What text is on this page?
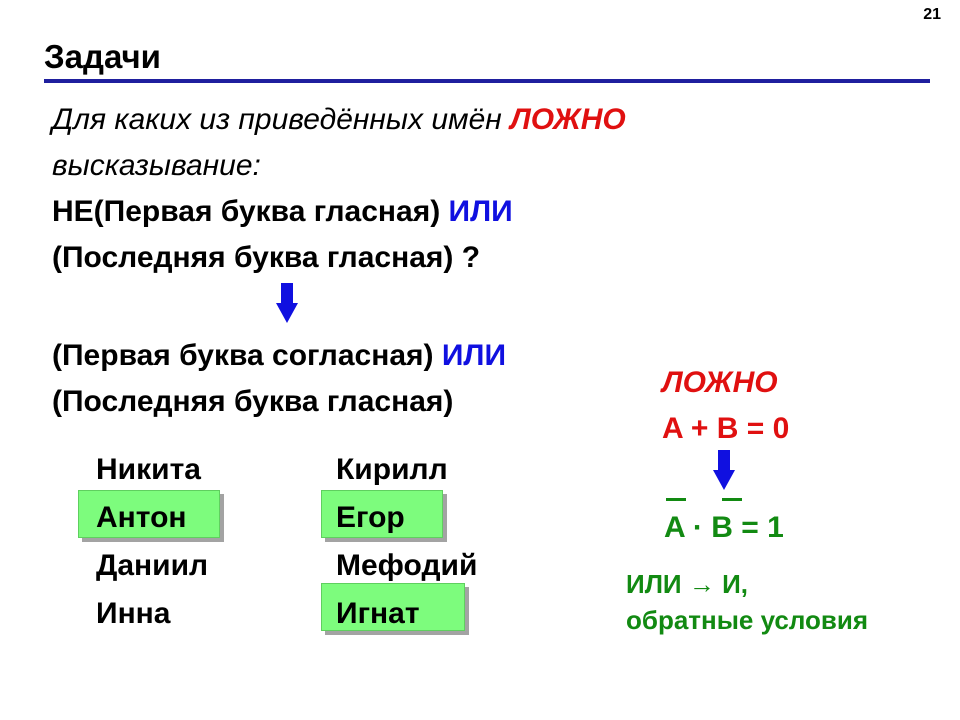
21
Задачи
Для каких из приведённых имён ЛОЖНО
высказывание:
НЕ(Первая буква гласная) ИЛИ
(Последняя буква гласная) ?
(Первая буква согласная) ИЛИ
(Последняя буква гласная)
Никита
Антон
Даниил
Инна
Кирилл
Егор
Мефодий
Игнат
ЛОЖНО
A + B = 0
A · B = 1
ИЛИ → И,
обратные условия
